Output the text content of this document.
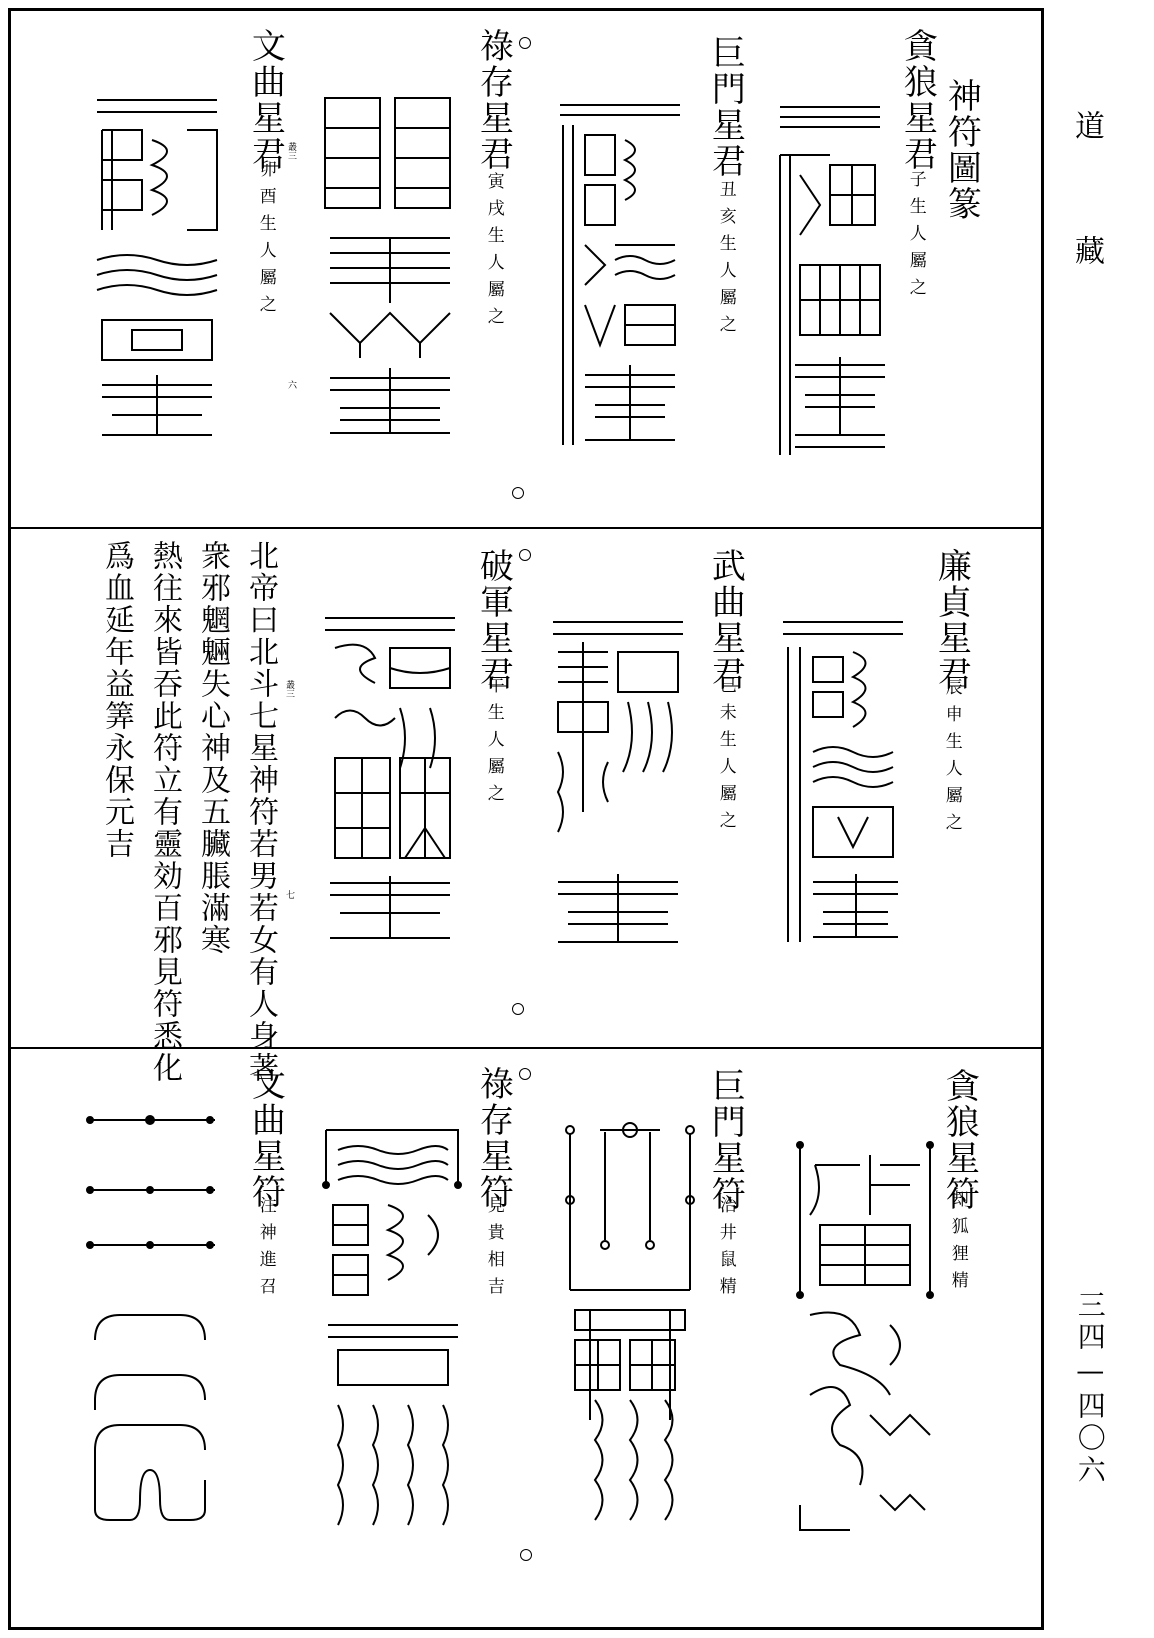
道 藏
三四—四〇六
神符圖篆
貪狼星君
子生人屬之
巨門星君
丑亥生人屬之
祿存星君
寅戌生人屬之
文曲星君
卯酉生人屬之
叢三
六
廉貞星君
辰申生人屬之
武曲星君
巳未生人屬之
破軍星君
午生人屬之
北帝曰北斗七星神符若男若女有人身著
衆邪魍魎失心神及五臟脹滿寒
熱往來皆吞此符立有靈効百邪見符悉化
爲血延年益筭永保元吉	叢三
七
貪狼星符
却狐狸精
巨門星符
治井鼠精
祿存星符
見貴相吉
文曲星符
注神進召
